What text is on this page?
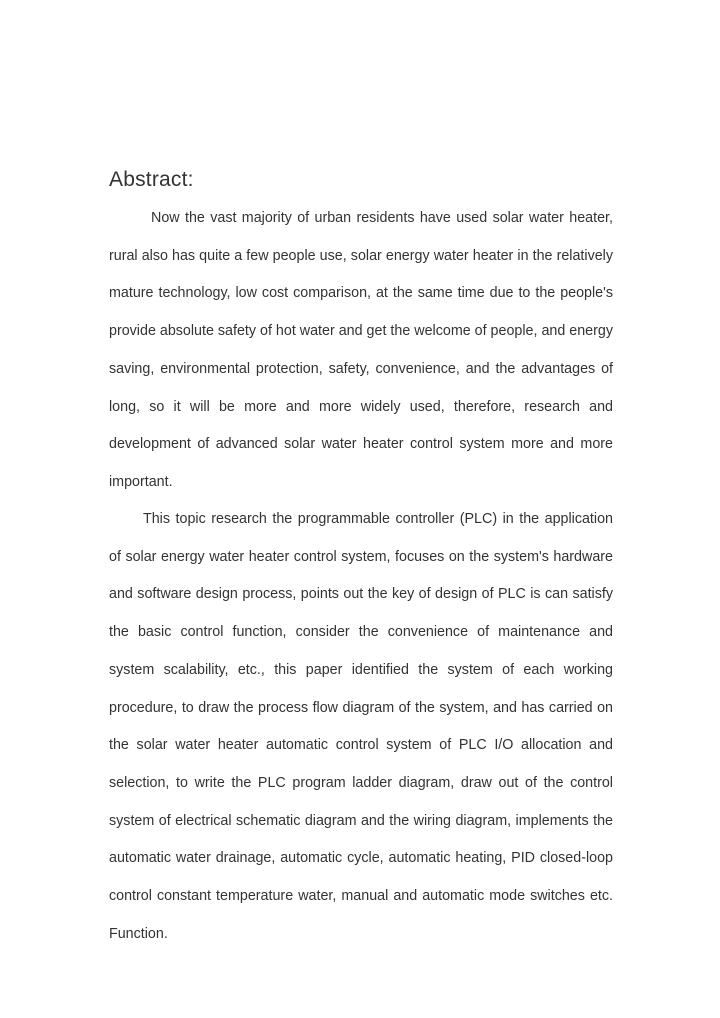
Abstract:

Now the vast majority of urban residents have used solar water heater, rural also has quite a few people use, solar energy water heater in the relatively mature technology, low cost comparison, at the same time due to the people's provide absolute safety of hot water and get the welcome of people, and energy saving, environmental protection, safety, convenience, and the advantages of long, so it will be more and more widely used, therefore, research and development of advanced solar water heater control system more and more important.

This topic research the programmable controller (PLC) in the application of solar energy water heater control system, focuses on the system's hardware and software design process, points out the key of design of PLC is can satisfy the basic control function, consider the convenience of maintenance and system scalability, etc., this paper identified the system of each working procedure, to draw the process flow diagram of the system, and has carried on the solar water heater automatic control system of PLC I/O allocation and selection, to write the PLC program ladder diagram, draw out of the control system of electrical schematic diagram and the wiring diagram, implements the automatic water drainage, automatic cycle, automatic heating, PID closed-loop control constant temperature water, manual and automatic mode switches etc. Function.
